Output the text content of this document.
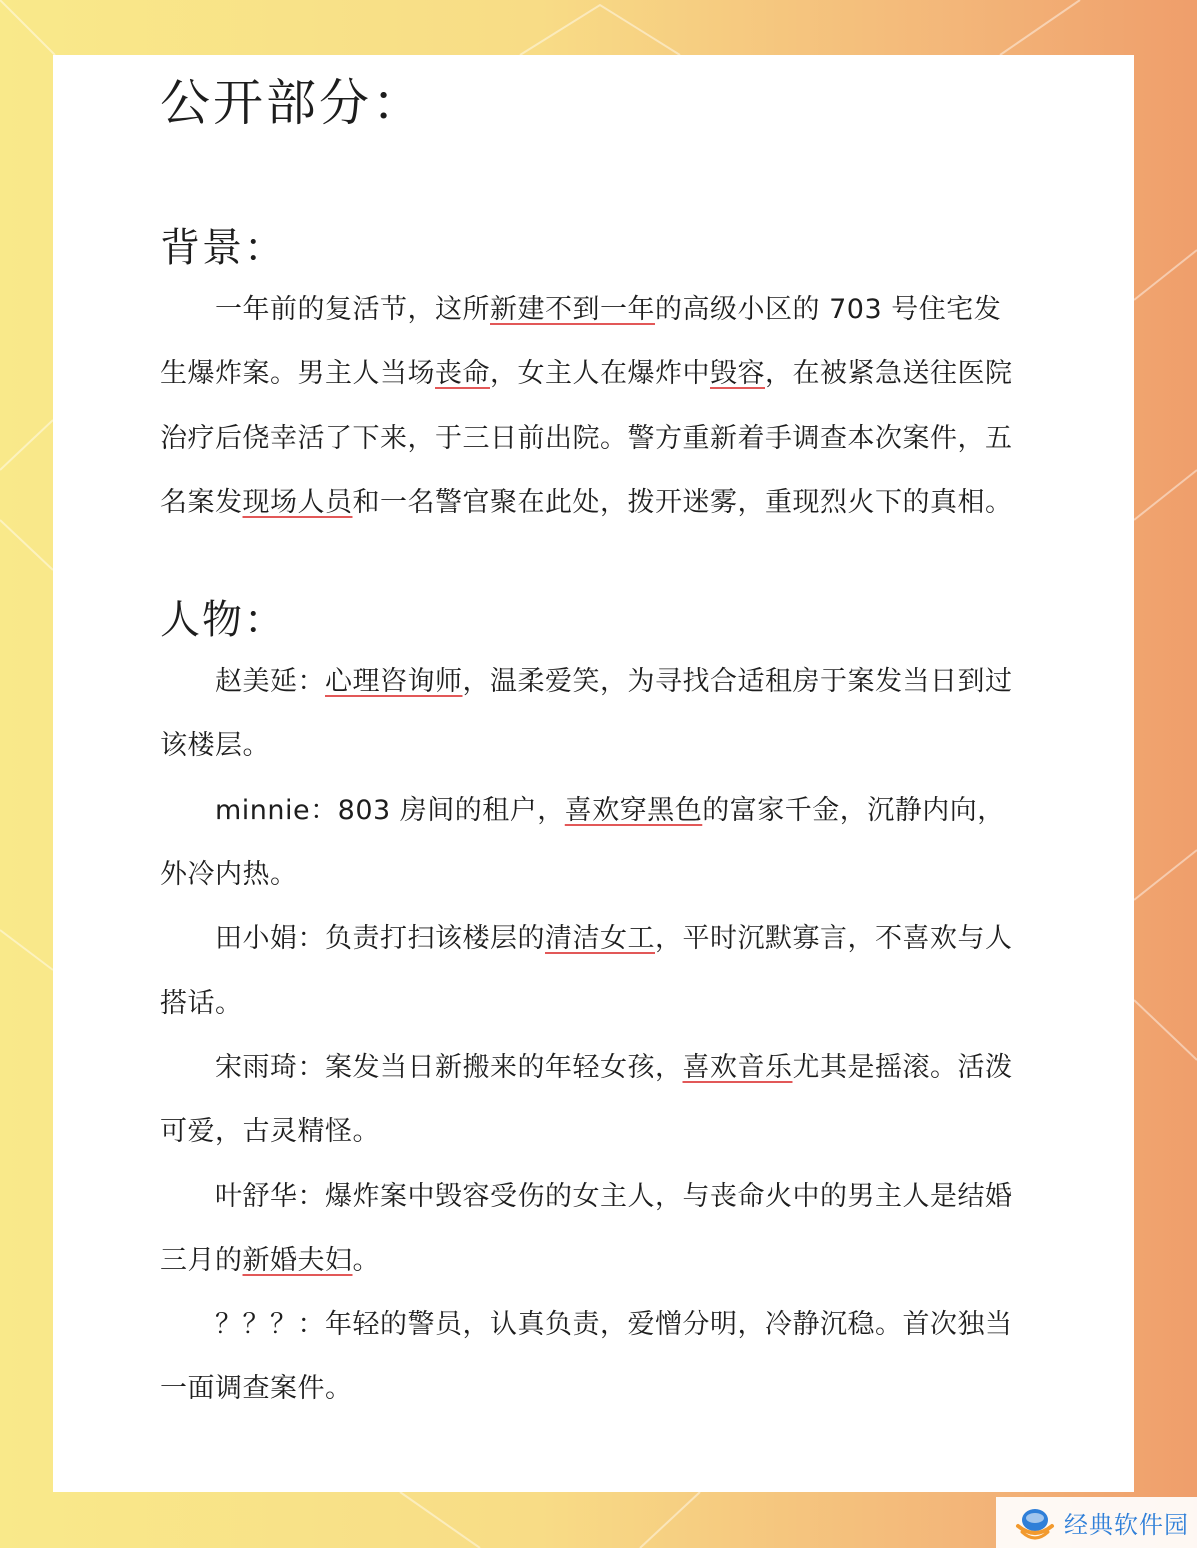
公开部分：
背景：

一年前的复活节，这所新建不到一年的高级小区的 703 号住宅发生爆炸案。男主人当场丧命，女主人在爆炸中毁容，在被紧急送往医院治疗后侥幸活了下来，于三日前出院。警方重新着手调查本次案件，五名案发现场人员和一名警官聚在此处，拨开迷雾，重现烈火下的真相。

人物：

赵美延：心理咨询师，温柔爱笑，为寻找合适租房于案发当日到过该楼层。

minnie：803 房间的租户，喜欢穿黑色的富家千金，沉静内向，外冷内热。

田小娟：负责打扫该楼层的清洁女工，平时沉默寡言，不喜欢与人搭话。

宋雨琦：案发当日新搬来的年轻女孩，喜欢音乐尤其是摇滚。活泼可爱，古灵精怪。

叶舒华：爆炸案中毁容受伤的女主人，与丧命火中的男主人是结婚三月的新婚夫妇。

？？？：年轻的警员，认真负责，爱憎分明，冷静沉稳。首次独当一面调查案件。

经典软件园
